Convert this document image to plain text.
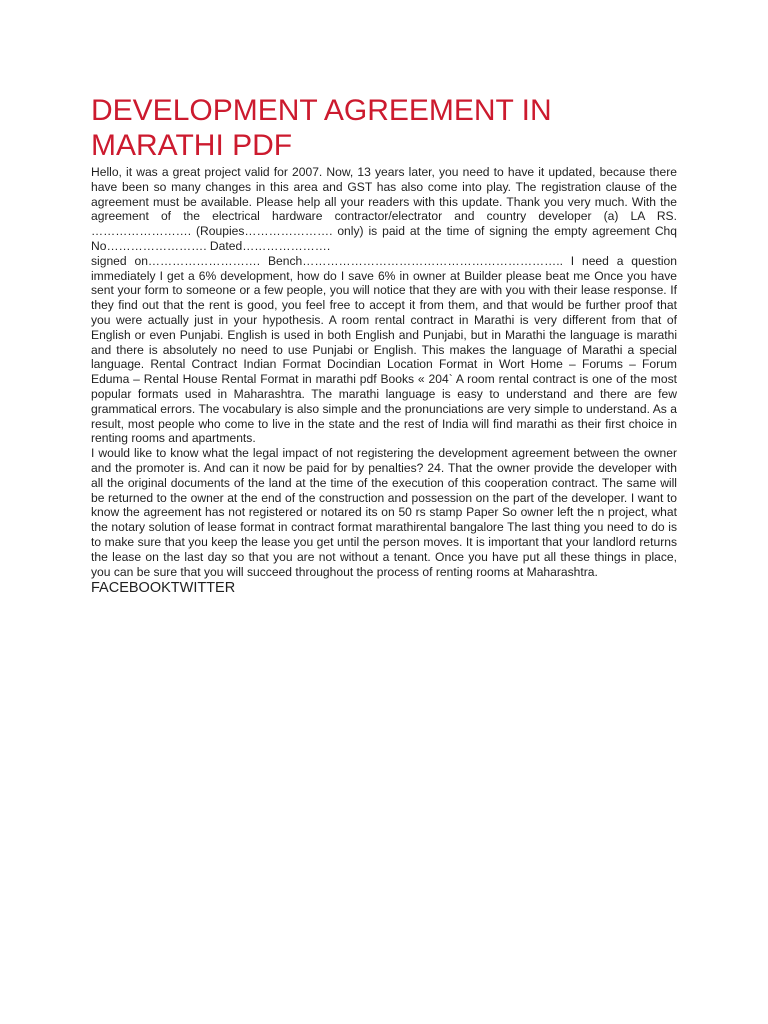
DEVELOPMENT AGREEMENT IN MARATHI PDF

Hello, it was a great project valid for 2007. Now, 13 years later, you need to have it updated, because there have been so many changes in this area and GST has also come into play. The registration clause of the agreement must be available. Please help all your readers with this update. Thank you very much. With the agreement of the electrical hardware contractor/electrator and country developer (a) LA RS. ……………………. (Roupies…………………. only) is paid at the time of signing the empty agreement Chq No……………………. Dated………………….

signed on………………………. Bench……………………………………………………….. I need a question immediately I get a 6% development, how do I save 6% in owner at Builder please beat me Once you have sent your form to someone or a few people, you will notice that they are with you with their lease response. If they find out that the rent is good, you feel free to accept it from them, and that would be further proof that you were actually just in your hypothesis. A room rental contract in Marathi is very different from that of English or even Punjabi. English is used in both English and Punjabi, but in Marathi the language is marathi and there is absolutely no need to use Punjabi or English. This makes the language of Marathi a special language. Rental Contract Indian Format Docindian Location Format in Wort Home – Forums – Forum Eduma – Rental House Rental Format in marathi pdf Books « 204` A room rental contract is one of the most popular formats used in Maharashtra. The marathi language is easy to understand and there are few grammatical errors. The vocabulary is also simple and the pronunciations are very simple to understand. As a result, most people who come to live in the state and the rest of India will find marathi as their first choice in renting rooms and apartments.

I would like to know what the legal impact of not registering the development agreement between the owner and the promoter is. And can it now be paid for by penalties? 24. That the owner provide the developer with all the original documents of the land at the time of the execution of this cooperation contract. The same will be returned to the owner at the end of the construction and possession on the part of the developer. I want to know the agreement has not registered or notared its on 50 rs stamp Paper So owner left the n project, what the notary solution of lease format in contract format marathirental bangalore The last thing you need to do is to make sure that you keep the lease you get until the person moves. It is important that your landlord returns the lease on the last day so that you are not without a tenant. Once you have put all these things in place, you can be sure that you will succeed throughout the process of renting rooms at Maharashtra.

FACEBOOKTWITTER
